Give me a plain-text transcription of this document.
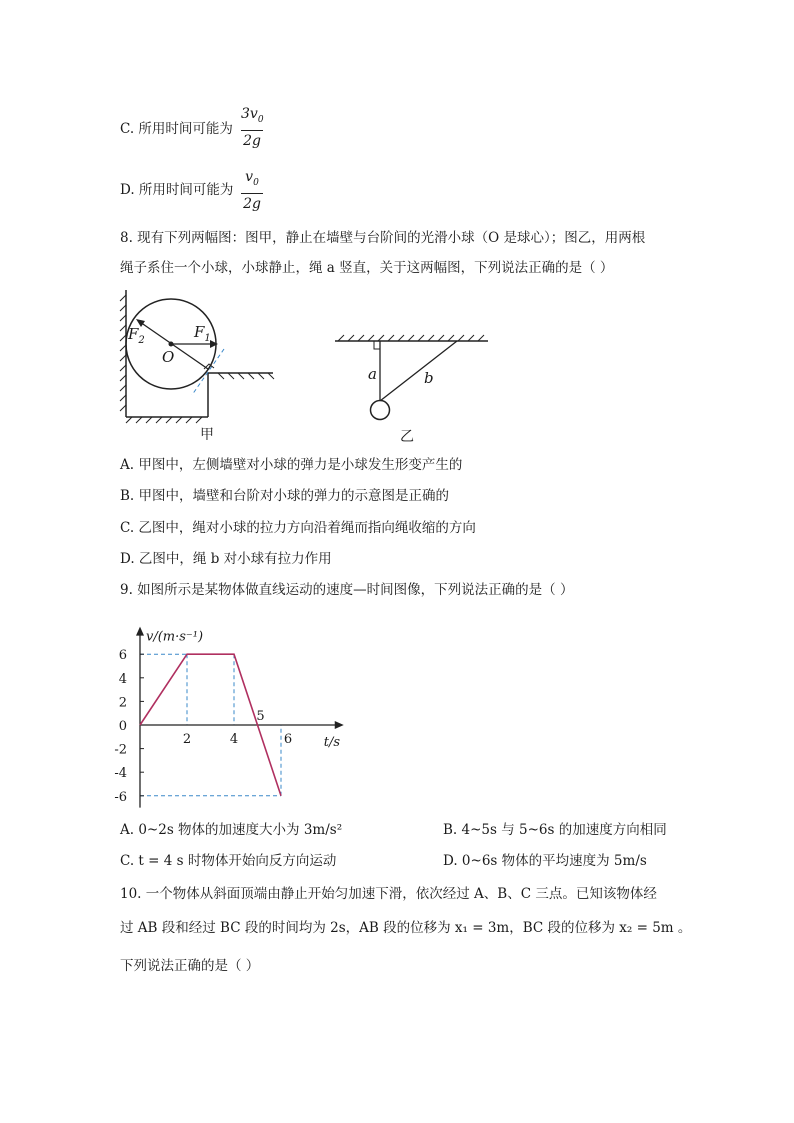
C. 所用时间可能为
$3v_0$
2g
D. 所用时间可能为
$v_0$
2g
8. 现有下列两幅图：图甲，静止在墙壁与台阶间的光滑小球（O 是球心）；图乙，用两根
绳子系住一个小球，小球静止，绳 a 竖直，关于这两幅图，下列说法正确的是（ ）
$F_2$	$F_1$
O
甲
a	b
乙
A. 甲图中，左侧墙壁对小球的弹力是小球发生形变产生的
B. 甲图中，墙壁和台阶对小球的弹力的示意图是正确的
C. 乙图中，绳对小球的拉力方向沿着绳而指向绳收缩的方向
D. 乙图中，绳 b 对小球有拉力作用
9. 如图所示是某物体做直线运动的速度—时间图像，下列说法正确的是（ ）
6
4
2
0
-2
-4
-6
2	4
5
6
v/(m·s⁻¹)
t/s
A. 0~2s 物体的加速度大小为 3m/s²	B. 4~5s 与 5~6s 的加速度方向相同
C. t = 4 s 时物体开始向反方向运动	D. 0~6s 物体的平均速度为 5m/s
10. 一个物体从斜面顶端由静止开始匀加速下滑，依次经过 A、B、C 三点。已知该物体经
过 AB 段和经过 BC 段的时间均为 2s，AB 段的位移为 x₁ = 3m，BC 段的位移为 x₂ = 5m 。
下列说法正确的是（ ）
